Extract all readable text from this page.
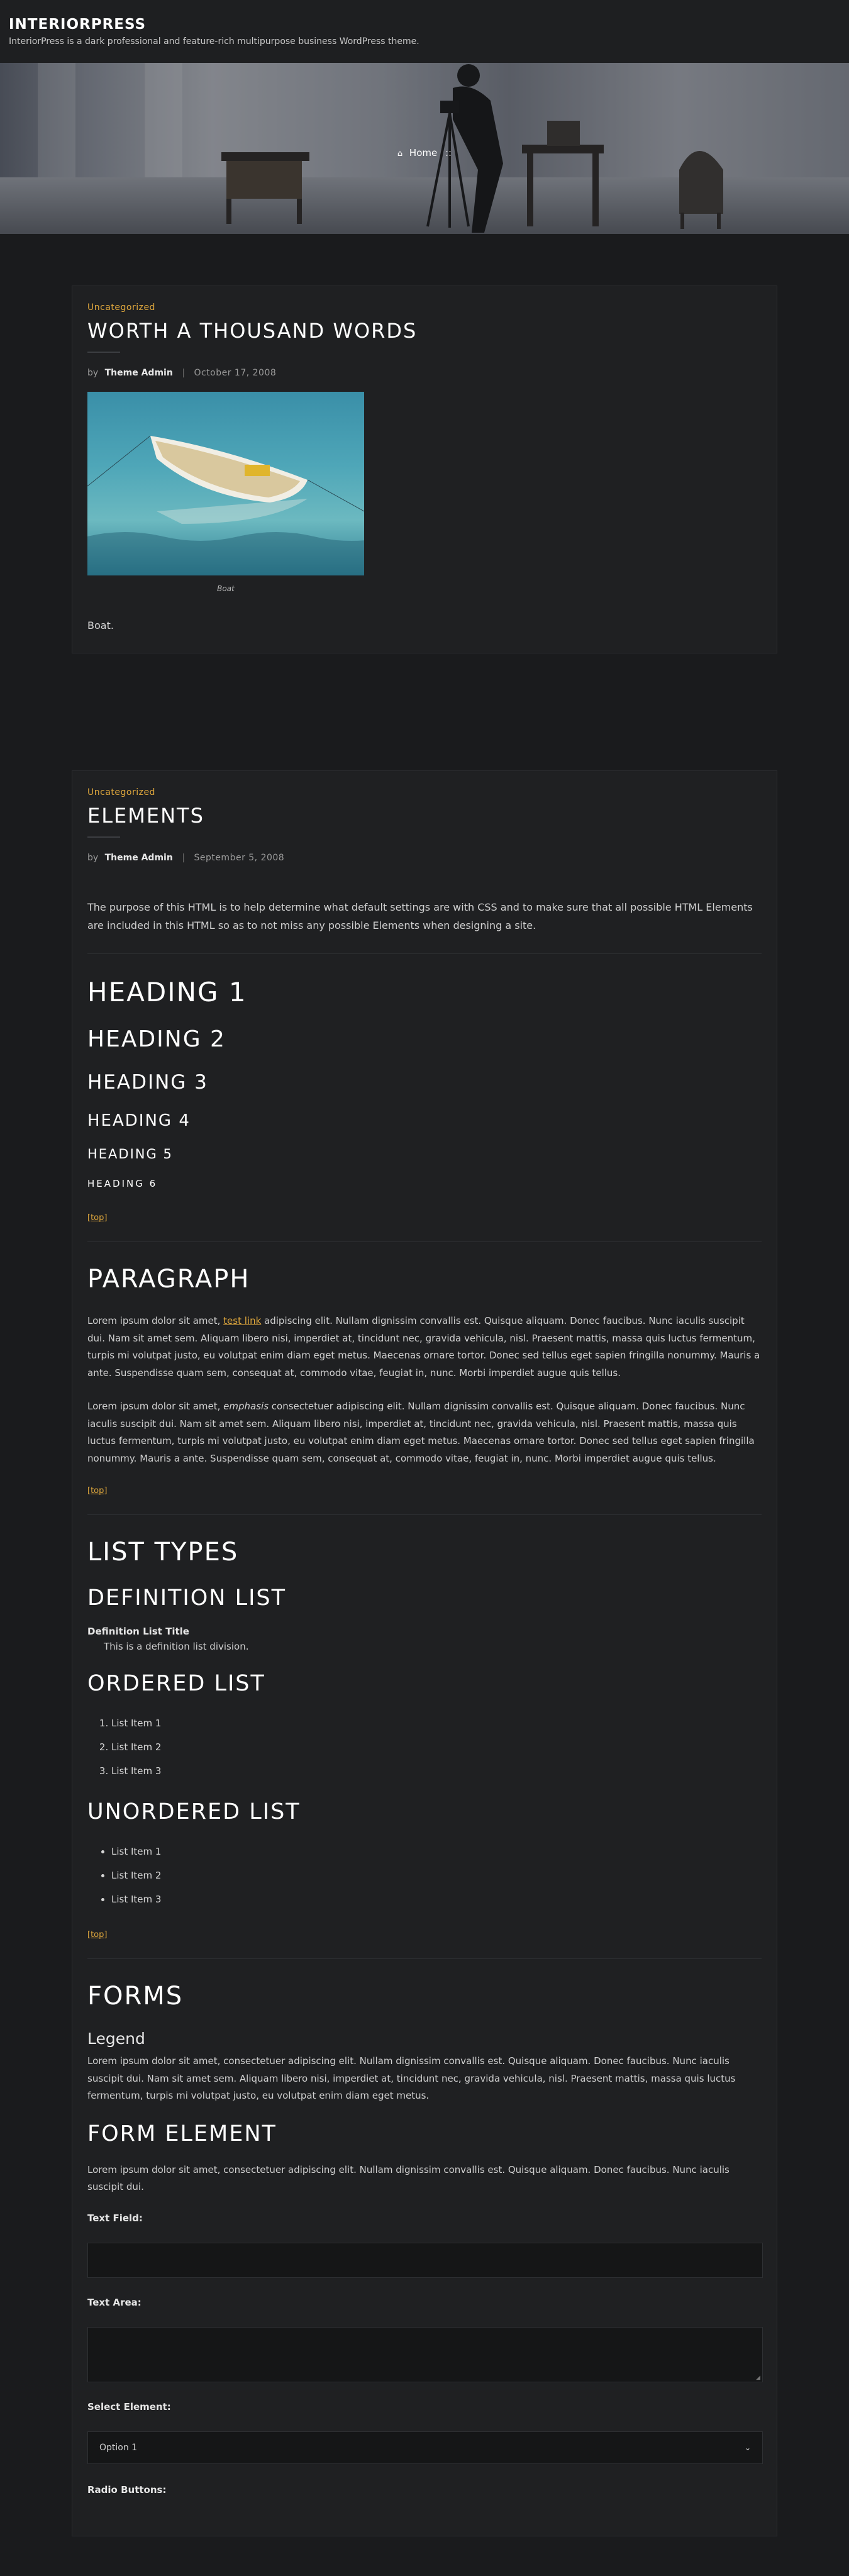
INTERIORPRESS
InteriorPress is a dark professional and feature-rich multipurpose business WordPress theme.
⌂ Home ::
Uncategorized
WORTH A THOUSAND WORDS
by Theme Admin | October 17, 2008
Boat

Boat.

Uncategorized
ELEMENTS
by Theme Admin | September 5, 2008

The purpose of this HTML is to help determine what default settings are with CSS and to make sure that all possible HTML Elements are included in this HTML so as to not miss any possible Elements when designing a site.

HEADING 1
HEADING 2
HEADING 3
HEADING 4
HEADING 5
HEADING 6
[top]
PARAGRAPH

Lorem ipsum dolor sit amet, test link adipiscing elit. Nullam dignissim convallis est. Quisque aliquam. Donec faucibus. Nunc iaculis suscipit dui. Nam sit amet sem. Aliquam libero nisi, imperdiet at, tincidunt nec, gravida vehicula, nisl. Praesent mattis, massa quis luctus fermentum, turpis mi volutpat justo, eu volutpat enim diam eget metus. Maecenas ornare tortor. Donec sed tellus eget sapien fringilla nonummy. Mauris a ante. Suspendisse quam sem, consequat at, commodo vitae, feugiat in, nunc. Morbi imperdiet augue quis tellus.

Lorem ipsum dolor sit amet, emphasis consectetuer adipiscing elit. Nullam dignissim convallis est. Quisque aliquam. Donec faucibus. Nunc iaculis suscipit dui. Nam sit amet sem. Aliquam libero nisi, imperdiet at, tincidunt nec, gravida vehicula, nisl. Praesent mattis, massa quis luctus fermentum, turpis mi volutpat justo, eu volutpat enim diam eget metus. Maecenas ornare tortor. Donec sed tellus eget sapien fringilla nonummy. Mauris a ante. Suspendisse quam sem, consequat at, commodo vitae, feugiat in, nunc. Morbi imperdiet augue quis tellus.

[top]
LIST TYPES
DEFINITION LIST
Definition List Title
This is a definition list division.
ORDERED LIST
1. List Item 1
2. List Item 2
3. List Item 3
UNORDERED LIST
• List Item 1
• List Item 2
• List Item 3
[top]
FORMS
Legend

Lorem ipsum dolor sit amet, consectetuer adipiscing elit. Nullam dignissim convallis est. Quisque aliquam. Donec faucibus. Nunc iaculis suscipit dui. Nam sit amet sem. Aliquam libero nisi, imperdiet at, tincidunt nec, gravida vehicula, nisl. Praesent mattis, massa quis luctus fermentum, turpis mi volutpat justo, eu volutpat enim diam eget metus.

FORM ELEMENT

Lorem ipsum dolor sit amet, consectetuer adipiscing elit. Nullam dignissim convallis est. Quisque aliquam. Donec faucibus. Nunc iaculis suscipit dui.

Text Field:
Text Area:
◢
Select Element:
Option 1	⌄
Radio Buttons:
